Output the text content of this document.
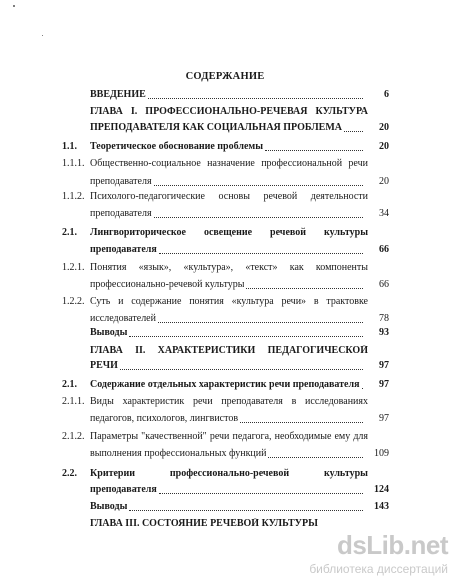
СОДЕРЖАНИЕ
ВВЕДЕНИЕ	6
ГЛАВА I. ПРОФЕССИОНАЛЬНО-РЕЧЕВАЯ КУЛЬТУРА
ПРЕПОДАВАТЕЛЯ КАК СОЦИАЛЬНАЯ ПРОБЛЕМА	20
1.1. Теоретическое обоснование проблемы	20
1.1.1. Общественно-социальное назначение профессиональной речи
преподавателя	20
1.1.2. Психолого-педагогические основы речевой деятельности
преподавателя	34
2.1. Лингвориторическое освещение речевой культуры
преподавателя	66
1.2.1. Понятия «язык», «культура», «текст» как компоненты
профессионально-речевой культуры	66
1.2.2. Суть и содержание понятия «культура речи» в трактовке
исследователей	78
Выводы	93
ГЛАВА II. ХАРАКТЕРИСТИКИ ПЕДАГОГИЧЕСКОЙ
РЕЧИ	97
2.1. Содержание отдельных характеристик речи преподавателя	97
2.1.1. Виды характеристик речи преподавателя в исследованиях
педагогов, психологов, лингвистов	97
2.1.2. Параметры "качественной" речи педагога, необходимые ему для
выполнения профессиональных функций	109
2.2. Критерии профессионально-речевой культуры
преподавателя	124
Выводы	143
ГЛАВА III. СОСТОЯНИЕ РЕЧЕВОЙ КУЛЬТУРЫ
dsLib.net
библиотека диссертаций
